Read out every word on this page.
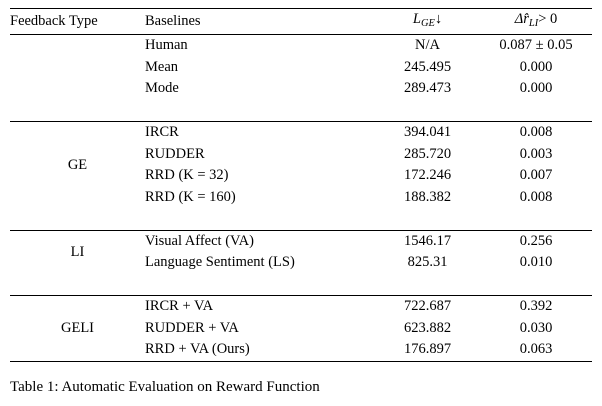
Feedback Type	Baselines	$L_{GE}↓$	$\Delta r̂_{LI}> 0$
	Human	N/A	0.087 ± 0.05
	Mean	245.495	0.000
	Mode	289.473	0.000

GE	IRCR	394.041	0.008
	RUDDER	285.720	0.003
	RRD (K = 32)	172.246	0.007
	RRD (K = 160)	188.382	0.008

LI	Visual Affect (VA)	1546.17	0.256
	Language Sentiment (LS)	825.31	0.010

GELI	IRCR + VA	722.687	0.392
	RUDDER + VA	623.882	0.030
	RRD + VA (Ours)	176.897	0.063

Table 1: Automatic Evaluation on Reward Function
